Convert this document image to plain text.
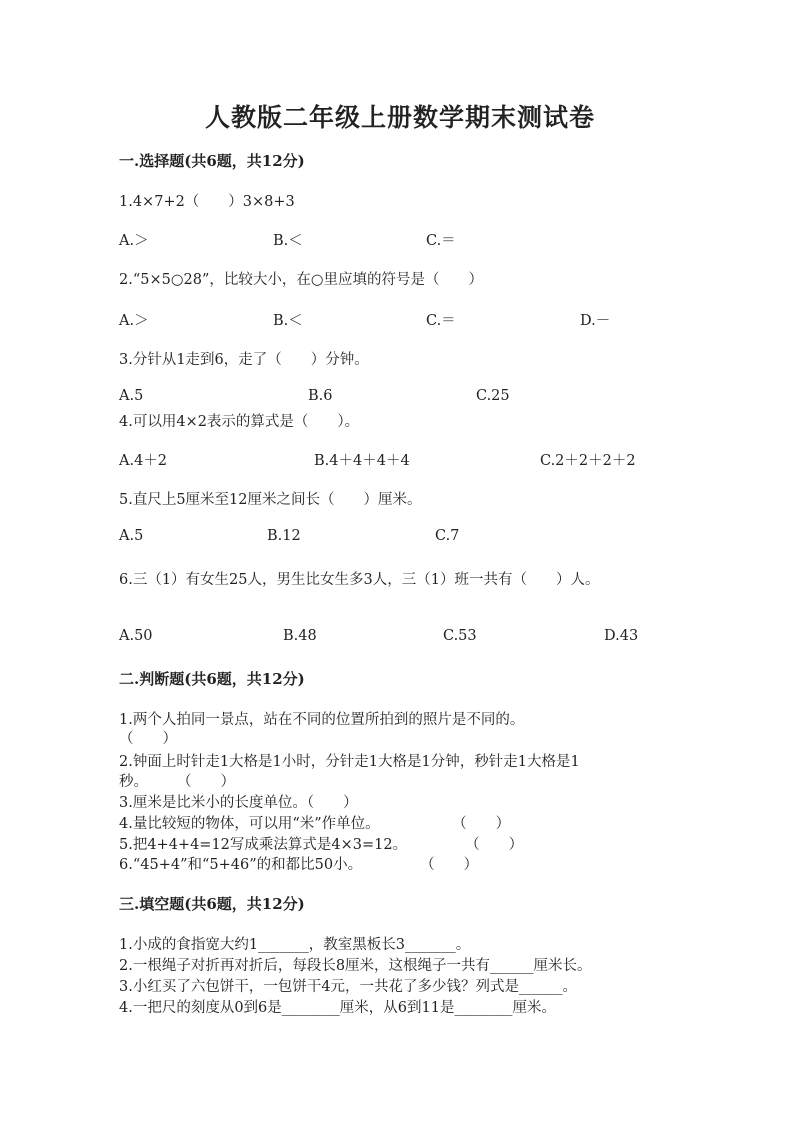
人教版二年级上册数学期末测试卷
一.选择题(共6题，共12分)
1.4×7+2（　　）3×8+3
A.＞	B.＜	C.＝
2.“5×5○28”，比较大小，在○里应填的符号是（　　）
A.＞	B.＜	C.＝	D.－
3.分针从1走到6，走了（　　）分钟。
A.5	B.6	C.25
4.可以用4×2表示的算式是（　　）。
A.4＋2	B.4＋4＋4＋4	C.2＋2＋2＋2
5.直尺上5厘米至12厘米之间长（　　）厘米。
A.5	B.12	C.7
6.三（1）有女生25人，男生比女生多3人，三（1）班一共有（　　）人。
A.50	B.48	C.53	D.43
二.判断题(共6题，共12分)
1.两个人拍同一景点，站在不同的位置所拍到的照片是不同的。
（　　）
2.钟面上时针走1大格是1小时，分针走1大格是1分钟，秒针走1大格是1
秒。　　　（　　）
3.厘米是比米小的长度单位。（　　）
4.量比较短的物体，可以用“米”作单位。　　　　　　（　　）
5.把4+4+4=12写成乘法算式是4×3=12。　　　　　（　　）
6.“45+4”和“5+46”的和都比50小。　　　　　（　　）
三.填空题(共6题，共12分)
1.小成的食指宽大约1_______，教室黑板长3_______。
2.一根绳子对折再对折后，每段长8厘米，这根绳子一共有______厘米长。
3.小红买了六包饼干，一包饼干4元，一共花了多少钱？列式是______。
4.一把尺的刻度从0到6是________厘米，从6到11是________厘米。
